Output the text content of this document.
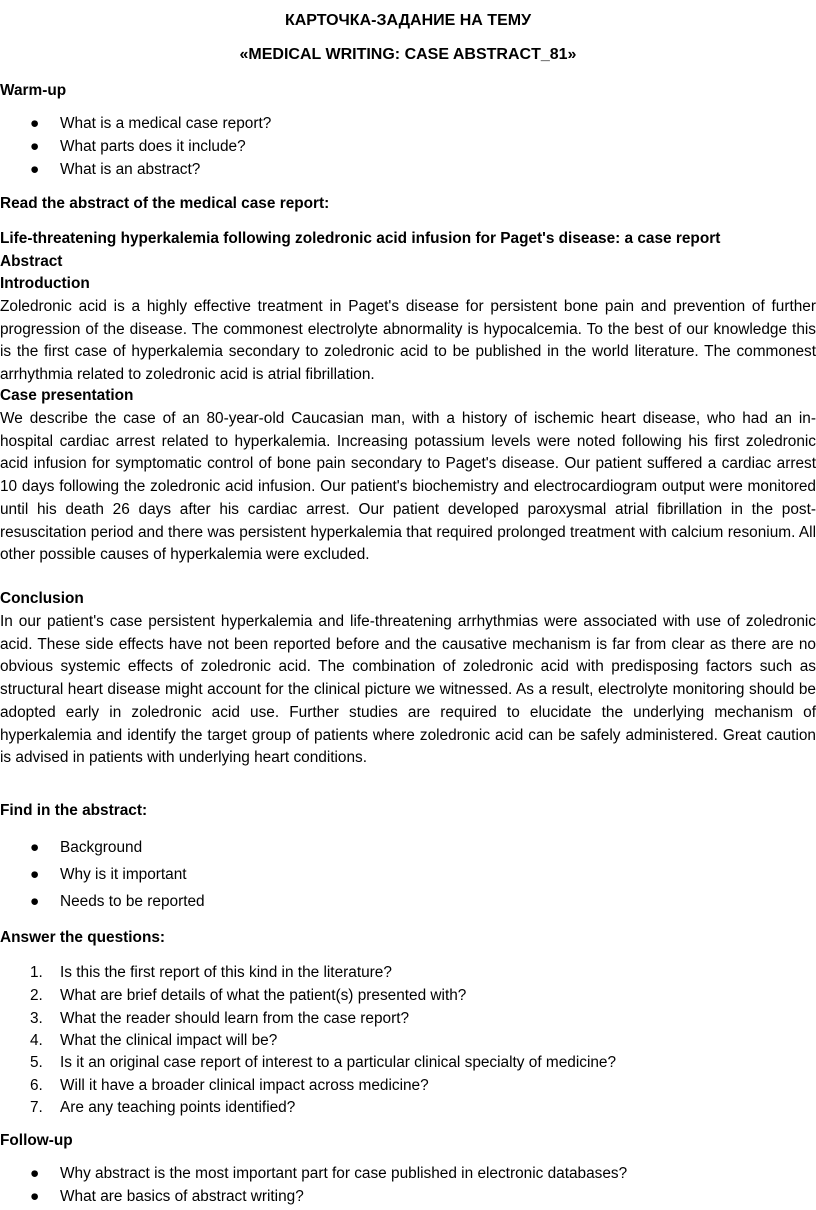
КАРТОЧКА-ЗАДАНИЕ НА ТЕМУ
«MEDICAL WRITING: CASE ABSTRACT_81»
Warm-up
● What is a medical case report?
● What parts does it include?
● What is an abstract?
Read the abstract of the medical case report:
Life-threatening hyperkalemia following zoledronic acid infusion for Paget's disease: a case report
Abstract
Introduction

Zoledronic acid is a highly effective treatment in Paget's disease for persistent bone pain and prevention of further progression of the disease. The commonest electrolyte abnormality is hypocalcemia. To the best of our knowledge this is the first case of hyperkalemia secondary to zoledronic acid to be published in the world literature. The commonest arrhythmia related to zoledronic acid is atrial fibrillation.

Case presentation

We describe the case of an 80-year-old Caucasian man, with a history of ischemic heart disease, who had an in-hospital cardiac arrest related to hyperkalemia. Increasing potassium levels were noted following his first zoledronic acid infusion for symptomatic control of bone pain secondary to Paget's disease. Our patient suffered a cardiac arrest 10 days following the zoledronic acid infusion. Our patient's biochemistry and electrocardiogram output were monitored until his death 26 days after his cardiac arrest. Our patient developed paroxysmal atrial fibrillation in the post-resuscitation period and there was persistent hyperkalemia that required prolonged treatment with calcium resonium. All other possible causes of hyperkalemia were excluded.

Conclusion

In our patient's case persistent hyperkalemia and life-threatening arrhythmias were associated with use of zoledronic acid. These side effects have not been reported before and the causative mechanism is far from clear as there are no obvious systemic effects of zoledronic acid. The combination of zoledronic acid with predisposing factors such as structural heart disease might account for the clinical picture we witnessed. As a result, electrolyte monitoring should be adopted early in zoledronic acid use. Further studies are required to elucidate the underlying mechanism of hyperkalemia and identify the target group of patients where zoledronic acid can be safely administered. Great caution is advised in patients with underlying heart conditions.

Find in the abstract:
● Background
● Why is it important
● Needs to be reported
Answer the questions:
1. Is this the first report of this kind in the literature?
2. What are brief details of what the patient(s) presented with?
3. What the reader should learn from the case report?
4. What the clinical impact will be?
5. Is it an original case report of interest to a particular clinical specialty of medicine?
6. Will it have a broader clinical impact across medicine?
7. Are any teaching points identified?
Follow-up
● Why abstract is the most important part for case published in electronic databases?
● What are basics of abstract writing?
